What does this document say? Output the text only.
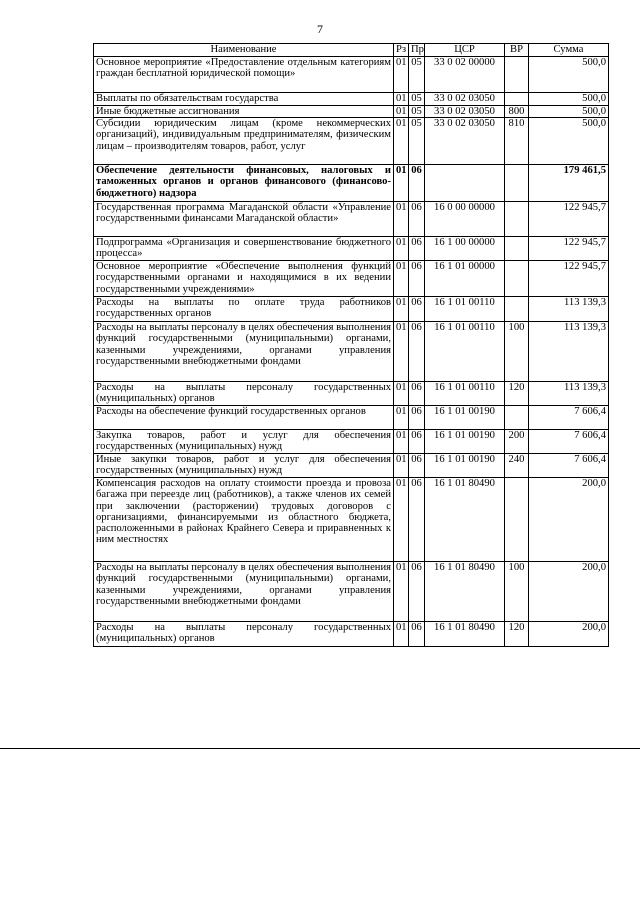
7
Наименование	Рз	Пр	ЦСР	ВР	Сумма
Основное мероприятие «Предоставление отдельным категориям граждан бесплатной юридической помощи»	01	05	33 0 02 00000		500,0
Выплаты по обязательствам государства	01	05	33 0 02 03050		500,0
Иные бюджетные ассигнования	01	05	33 0 02 03050	800	500,0
Субсидии юридическим лицам (кроме некоммерческих организаций), индивидуальным предпринимателям, физическим лицам – производителям товаров, работ, услуг	01	05	33 0 02 03050	810	500,0
Обеспечение деятельности финансовых, налоговых и таможенных органов и органов финансового (финансово-бюджетного) надзора	01	06			179 461,5
Государственная программа Магаданской области «Управление государственными финансами Магаданской области»	01	06	16 0 00 00000		122 945,7
Подпрограмма «Организация и совершенствование бюджетного процесса»	01	06	16 1 00 00000		122 945,7
Основное мероприятие «Обеспечение выполнения функций государственными органами и находящимися в их ведении государственными учреждениями»	01	06	16 1 01 00000		122 945,7
Расходы на выплаты по оплате труда работников государственных органов	01	06	16 1 01 00110		113 139,3
Расходы на выплаты персоналу в целях обеспечения выполнения функций государственными (муниципальными) органами, казенными учреждениями, органами управления государственными внебюджетными фондами	01	06	16 1 01 00110	100	113 139,3
Расходы на выплаты персоналу государственных (муниципальных) органов	01	06	16 1 01 00110	120	113 139,3
Расходы на обеспечение функций государственных органов	01	06	16 1 01 00190		7 606,4
Закупка товаров, работ и услуг для обеспечения государственных (муниципальных) нужд	01	06	16 1 01 00190	200	7 606,4
Иные закупки товаров, работ и услуг для обеспечения государственных (муниципальных) нужд	01	06	16 1 01 00190	240	7 606,4
Компенсация расходов на оплату стоимости проезда и провоза багажа при переезде лиц (работников), а также членов их семей при заключении (расторжении) трудовых договоров с организациями, финансируемыми из областного бюджета, расположенными в районах Крайнего Севера и приравненных к ним местностях	01	06	16 1 01 80490		200,0
Расходы на выплаты персоналу в целях обеспечения выполнения функций государственными (муниципальными) органами, казенными учреждениями, органами управления государственными внебюджетными фондами	01	06	16 1 01 80490	100	200,0
Расходы на выплаты персоналу государственных (муниципальных) органов	01	06	16 1 01 80490	120	200,0
